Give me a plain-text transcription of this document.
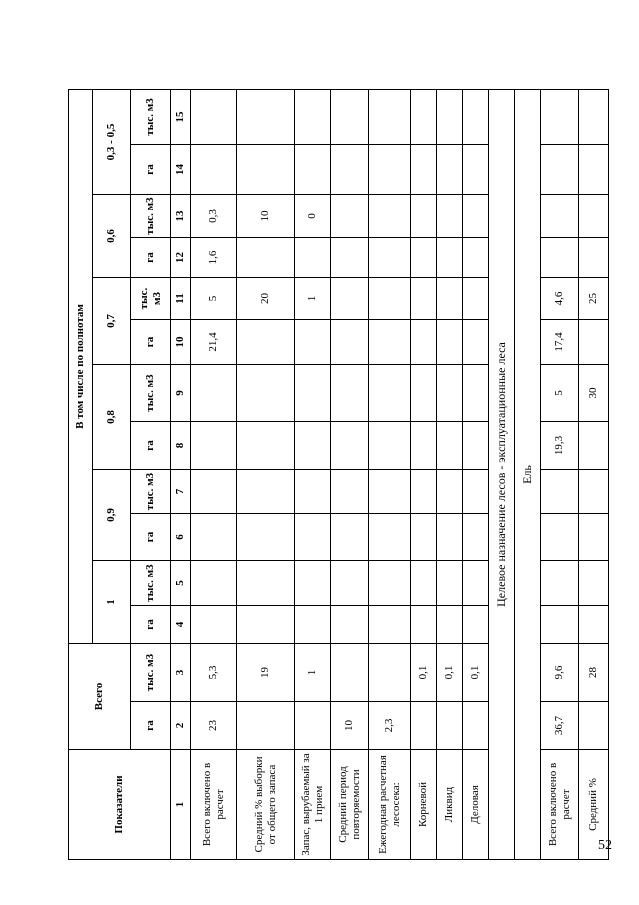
52
Показатели	Всего		В том числе по полнотам											
			1		0,9		0,8		0,7		0,6		0,3 - 0,5	
	га	тыс. м3	га	тыс. м3	га	тыс. м3	га	тыс. м3	га	тыс. м3	га	тыс. м3	га	тыс. м3
1	2	3	4	5	6	7	8	9	10	11	12	13	14	15
Всего включено в расчет	23	5,3							21,4	5	1,6	0,3		
Средний % выборки от общего запаса		19								20		10		
Запас, вырубаемый за 1 прием		1								1		0		
Средний период повторяемости	10													
Ежегодная расчетная лесосека:	2,3													
Корневой		0,1												
Ликвид		0,1												
Деловая		0,1												
Целевое назначение лесов - эксплуатационные леса														
Ель														
Всего включено в расчет	36,7	9,6					19,3	5	17,4	4,6				
Средний %		28						30		25				
